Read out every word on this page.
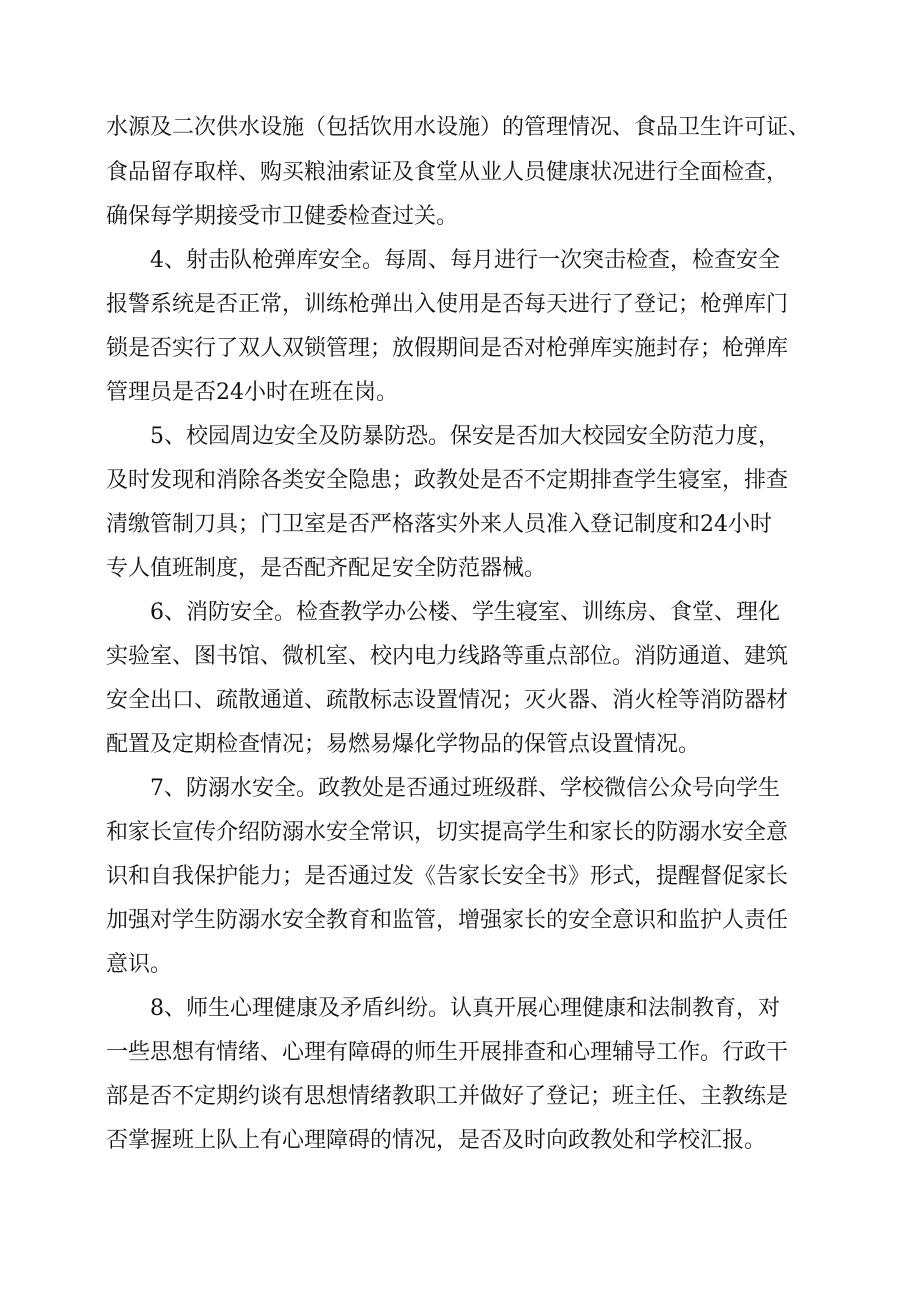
水源及二次供水设施（包括饮用水设施）的管理情况、食品卫生许可证、
食品留存取样、购买粮油索证及食堂从业人员健康状况进行全面检查，
确保每学期接受市卫健委检查过关。
4、射击队枪弹库安全。每周、每月进行一次突击检查，检查安全
报警系统是否正常，训练枪弹出入使用是否每天进行了登记；枪弹库门
锁是否实行了双人双锁管理；放假期间是否对枪弹库实施封存；枪弹库
管理员是否24小时在班在岗。
5、校园周边安全及防暴防恐。保安是否加大校园安全防范力度，
及时发现和消除各类安全隐患；政教处是否不定期排查学生寝室，排查
清缴管制刀具；门卫室是否严格落实外来人员准入登记制度和24小时
专人值班制度，是否配齐配足安全防范器械。
6、消防安全。检查教学办公楼、学生寝室、训练房、食堂、理化
实验室、图书馆、微机室、校内电力线路等重点部位。消防通道、建筑
安全出口、疏散通道、疏散标志设置情况；灭火器、消火栓等消防器材
配置及定期检查情况；易燃易爆化学物品的保管点设置情况。
7、防溺水安全。政教处是否通过班级群、学校微信公众号向学生
和家长宣传介绍防溺水安全常识，切实提高学生和家长的防溺水安全意
识和自我保护能力；是否通过发《告家长安全书》形式，提醒督促家长
加强对学生防溺水安全教育和监管，增强家长的安全意识和监护人责任
意识。
8、师生心理健康及矛盾纠纷。认真开展心理健康和法制教育，对
一些思想有情绪、心理有障碍的师生开展排查和心理辅导工作。行政干
部是否不定期约谈有思想情绪教职工并做好了登记；班主任、主教练是
否掌握班上队上有心理障碍的情况，是否及时向政教处和学校汇报。
